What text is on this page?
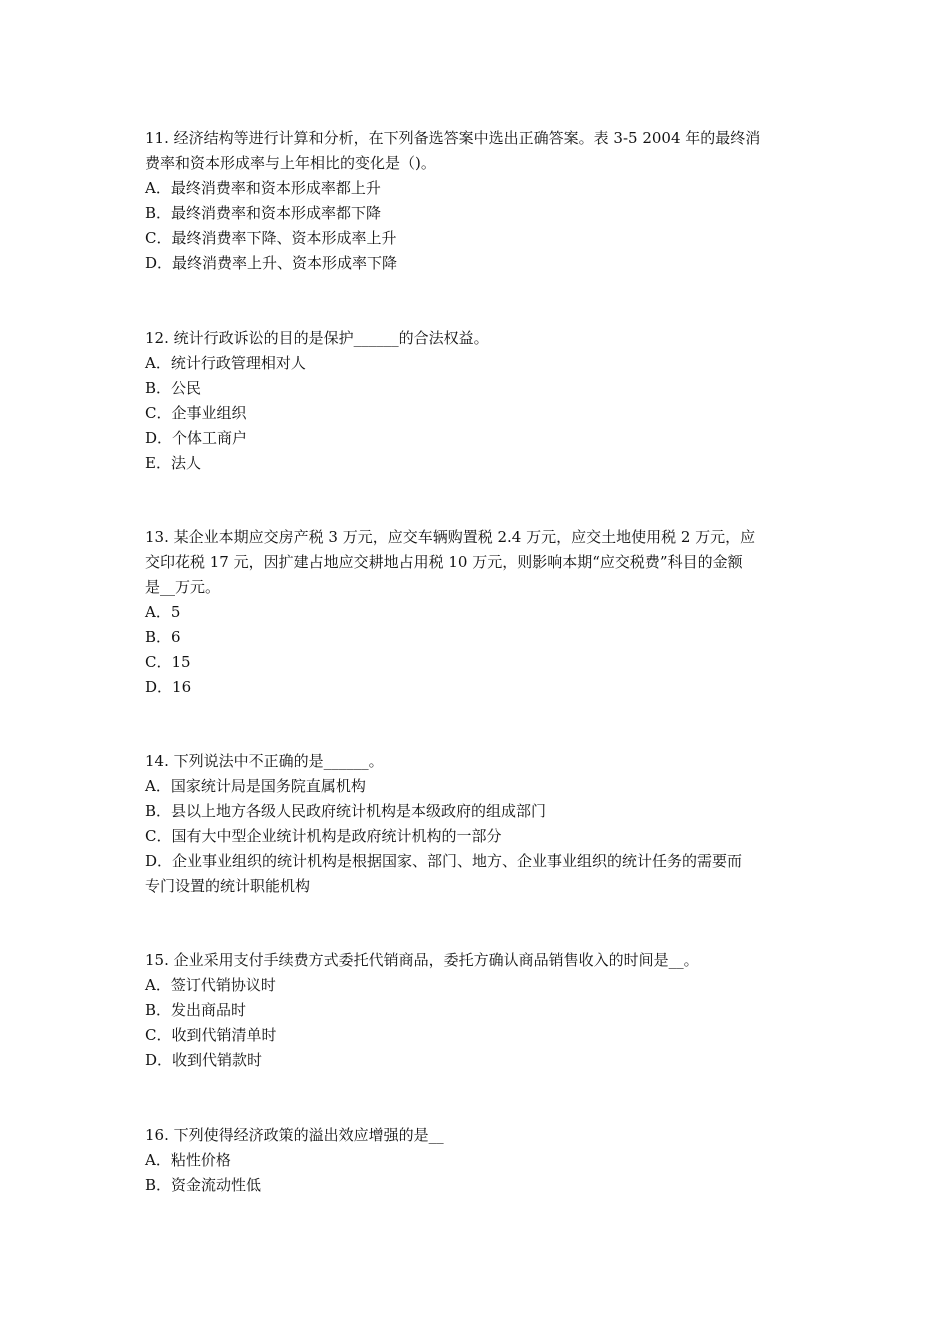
11. 经济结构等进行计算和分析，在下列备选答案中选出正确答案。表 3-5 2004 年的最终消
费率和资本形成率与上年相比的变化是（)。
A．最终消费率和资本形成率都上升
B．最终消费率和资本形成率都下降
C．最终消费率下降、资本形成率上升
D．最终消费率上升、资本形成率下降
12. 统计行政诉讼的目的是保护______的合法权益。
A．统计行政管理相对人
B．公民
C．企事业组织
D．个体工商户
E．法人
13. 某企业本期应交房产税 3 万元，应交车辆购置税 2.4 万元，应交土地使用税 2 万元，应
交印花税 17 元，因扩建占地应交耕地占用税 10 万元，则影响本期“应交税费”科目的金额
是__万元。
A．5
B．6
C．15
D．16
14. 下列说法中不正确的是______。
A．国家统计局是国务院直属机构
B．县以上地方各级人民政府统计机构是本级政府的组成部门
C．国有大中型企业统计机构是政府统计机构的一部分
D．企业事业组织的统计机构是根据国家、部门、地方、企业事业组织的统计任务的需要而
专门设置的统计职能机构
15. 企业采用支付手续费方式委托代销商品，委托方确认商品销售收入的时间是__。
A．签订代销协议时
B．发出商品时
C．收到代销清单时
D．收到代销款时
16. 下列使得经济政策的溢出效应增强的是__
A．粘性价格
B．资金流动性低
